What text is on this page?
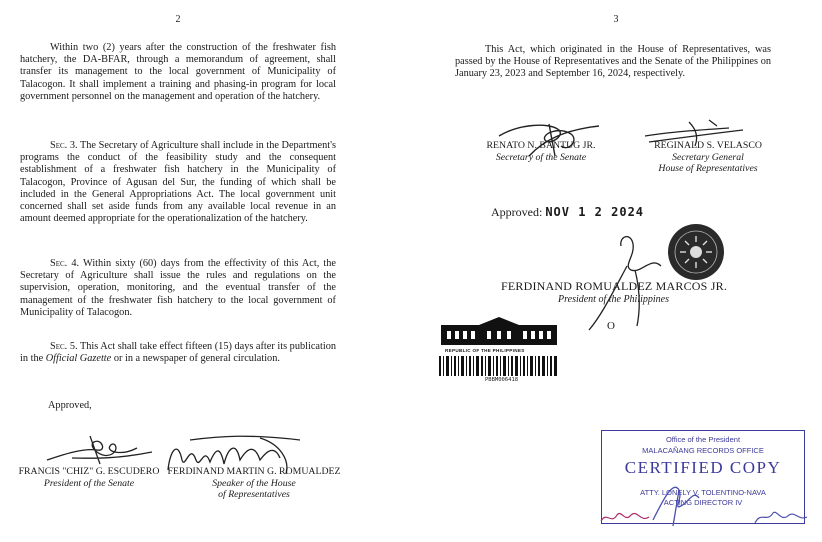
2

Within two (2) years after the construction of the freshwater fish hatchery, the DA-BFAR, through a memorandum of agreement, shall transfer its management to the local government of Municipality of Talacogon. It shall implement a training and phasing-in program for local government personnel on the management and operation of the hatchery.

Sec. 3. The Secretary of Agriculture shall include in the Department's programs the conduct of the feasibility study and the consequent establishment of a freshwater fish hatchery in the Municipality of Talacogon, Province of Agusan del Sur, the funding of which shall be included in the General Appropriations Act. The local government unit concerned shall set aside funds from any available local revenue in an amount deemed appropriate for the operationalization of the hatchery.

Sec. 4. Within sixty (60) days from the effectivity of this Act, the Secretary of Agriculture shall issue the rules and regulations on the supervision, operation, monitoring, and the eventual transfer of the management of the freshwater fish hatchery to the local government of Municipality of Talacogon.

Sec. 5. This Act shall take effect fifteen (15) days after its publication in the Official Gazette or in a newspaper of general circulation.

Approved,
FRANCIS "CHIZ" G. ESCUDERO
President of the Senate
FERDINAND MARTIN G. ROMUALDEZ
Speaker of the House
of Representatives
3

This Act, which originated in the House of Representatives, was passed by the House of Representatives and the Senate of the Philippines on January 23, 2023 and September 16, 2024, respectively.

RENATO N. BANTUG JR.
Secretary of the Senate
REGINALD S. VELASCO
Secretary General
House of Representatives
Approved: NOV 1 2 2024
FERDINAND ROMUALDEZ MARCOS JR.
President of the Philippines
O
REPUBLIC OF THE PHILIPPINES
PBBM006418
Office of the President
MALACAÑANG RECORDS OFFICE
CERTIFIED COPY
ATTY. LONELY V. TOLENTINO-NAVA
ACTING DIRECTOR IV
